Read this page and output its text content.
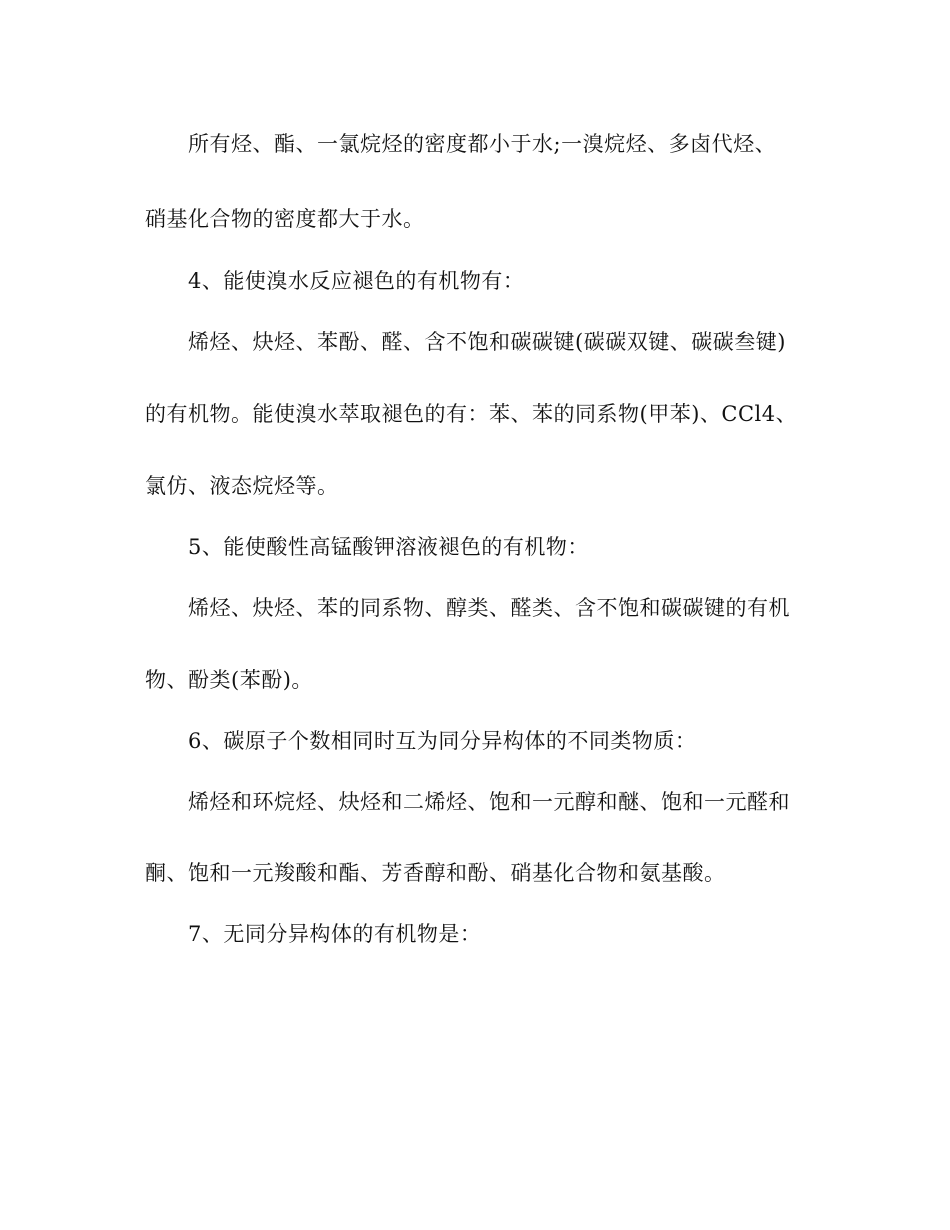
所有烃、酯、一氯烷烃的密度都小于水;一溴烷烃、多卤代烃、
硝基化合物的密度都大于水。
4、能使溴水反应褪色的有机物有：
烯烃、炔烃、苯酚、醛、含不饱和碳碳键(碳碳双键、碳碳叁键)
的有机物。能使溴水萃取褪色的有：苯、苯的同系物(甲苯)、CCl4、
氯仿、液态烷烃等。
5、能使酸性高锰酸钾溶液褪色的有机物：
烯烃、炔烃、苯的同系物、醇类、醛类、含不饱和碳碳键的有机
物、酚类(苯酚)。
6、碳原子个数相同时互为同分异构体的不同类物质：
烯烃和环烷烃、炔烃和二烯烃、饱和一元醇和醚、饱和一元醛和
酮、饱和一元羧酸和酯、芳香醇和酚、硝基化合物和氨基酸。
7、无同分异构体的有机物是：
